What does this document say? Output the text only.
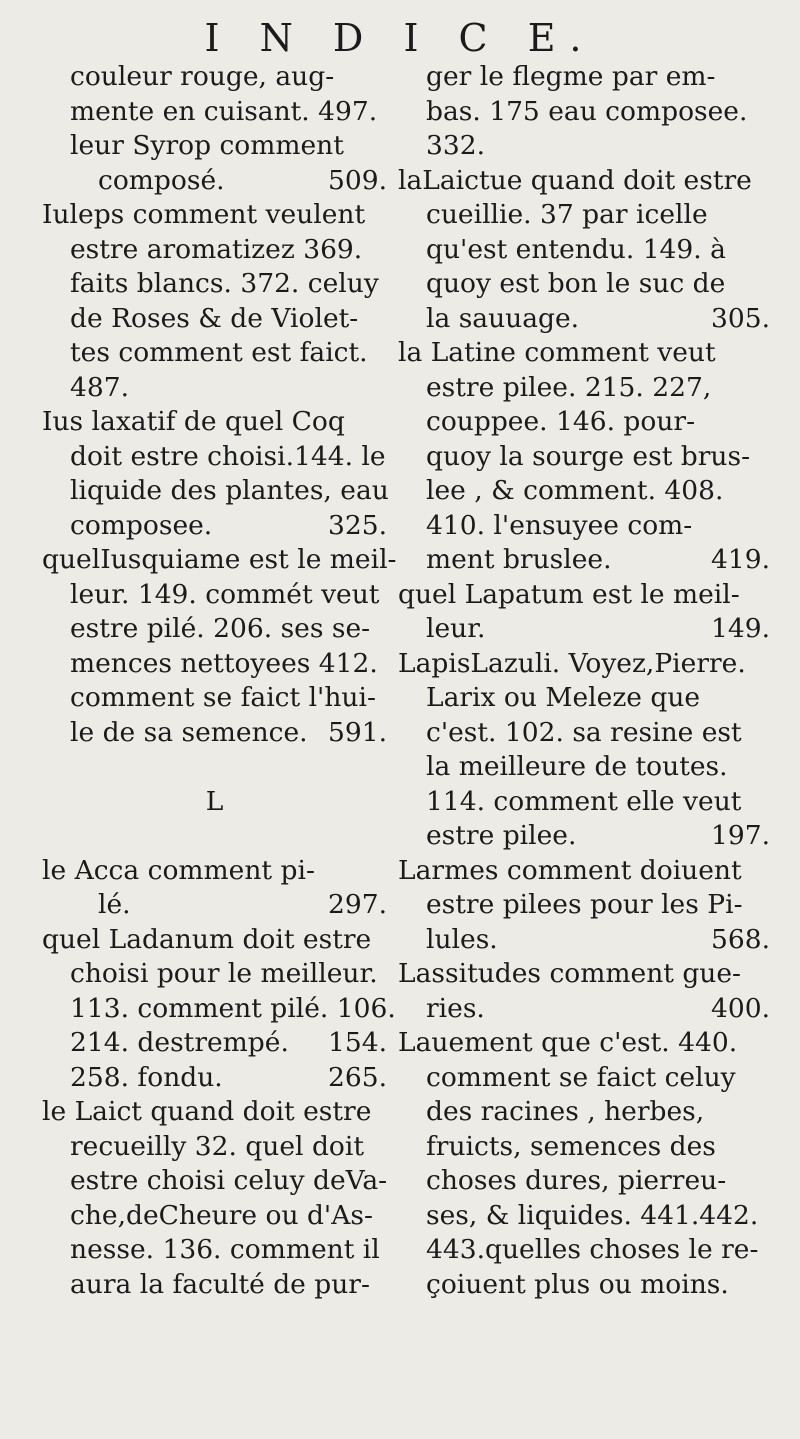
I N D I C E.
couleur rouge, aug-
mente en cuisant. 497.
leur Syrop comment
composé.	509.
Iuleps comment veulent
estre aromatizez 369.
faits blancs. 372. celuy
de Roses & de Violet-
tes comment est faict.
487.
Ius laxatif de quel Coq
doit estre choisi.144. le
liquide des plantes, eau
composee.	325.
quelIusquiame est le meil-
leur. 149. commét veut
estre pilé. 206. ses se-
mences nettoyees 412.
comment se faict l'hui-
le de sa semence. 591.
L
le Acca comment pi-
lé.	297.
quel Ladanum doit estre
choisi pour le meilleur.
113. comment pilé. 106.
214. destrempé. 154.
258. fondu.	265.
le Laict quand doit estre
recueilly 32. quel doit
estre choisi celuy deVa-
che,deCheure ou d'As-
nesse. 136. comment il
aura la faculté de pur-
ger le flegme par em-
bas. 175 eau composee.
332.
laLaictue quand doit estre
cueillie. 37 par icelle
qu'est entendu. 149. à
quoy est bon le suc de
la sauuage.	305.
la Latine comment veut
estre pilee. 215. 227,
couppee. 146. pour-
quoy la sourge est brus-
lee , & comment. 408.
410. l'ensuyee com-
ment bruslee.	419.
quel Lapatum est le meil-
leur.	149.
LapisLazuli. Voyez,Pierre.
Larix ou Meleze que
c'est. 102. sa resine est
la meilleure de toutes.
114. comment elle veut
estre pilee.	197.
Larmes comment doiuent
estre pilees pour les Pi-
lules.	568.
Lassitudes comment gue-
ries.	400.
Lauement que c'est. 440.
comment se faict celuy
des racines , herbes,
fruicts, semences des
choses dures, pierreu-
ses, & liquides. 441.442.
443.quelles choses le re-
çoiuent plus ou moins.
